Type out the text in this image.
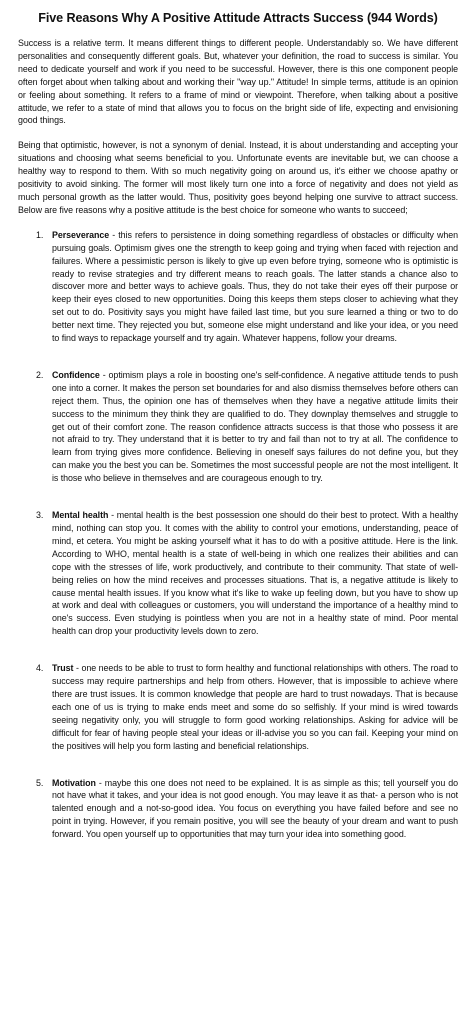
Five Reasons Why A Positive Attitude Attracts Success (944 Words)

Success is a relative term. It means different things to different people. Understandably so. We have different personalities and consequently different goals. But, whatever your definition, the road to success is similar. You need to dedicate yourself and work if you need to be successful. However, there is this one component people often forget about when talking about and working their "way up." Attitude! In simple terms, attitude is an opinion or feeling about something. It refers to a frame of mind or viewpoint. Therefore, when talking about a positive attitude, we refer to a state of mind that allows you to focus on the bright side of life, expecting and envisioning good things.

Being that optimistic, however, is not a synonym of denial. Instead, it is about understanding and accepting your situations and choosing what seems beneficial to you. Unfortunate events are inevitable but, we can choose a healthy way to respond to them. With so much negativity going on around us, it's either we choose apathy or positivity to avoid sinking. The former will most likely turn one into a force of negativity and does not yield as much personal growth as the latter would. Thus, positivity goes beyond helping one survive to attract success. Below are five reasons why a positive attitude is the best choice for someone who wants to succeed;

1. Perseverance - this refers to persistence in doing something regardless of obstacles or difficulty when pursuing goals. Optimism gives one the strength to keep going and trying when faced with rejection and failures. Where a pessimistic person is likely to give up even before trying, someone who is optimistic is ready to revise strategies and try different means to reach goals. The latter stands a chance also to discover more and better ways to achieve goals. Thus, they do not take their eyes off their purpose or keep their eyes closed to new opportunities. Doing this keeps them steps closer to achieving what they set out to do. Positivity says you might have failed last time, but you sure learned a thing or two to do better next time. They rejected you but, someone else might understand and like your idea, or you need to find ways to repackage yourself and try again. Whatever happens, follow your dreams.
2. Confidence - optimism plays a role in boosting one's self-confidence. A negative attitude tends to push one into a corner. It makes the person set boundaries for and also dismiss themselves before others can reject them. Thus, the opinion one has of themselves when they have a negative attitude limits their success to the minimum they think they are qualified to do. They downplay themselves and struggle to get out of their comfort zone. The reason confidence attracts success is that those who possess it are not afraid to try. They understand that it is better to try and fail than not to try at all. The confidence to learn from trying gives more confidence. Believing in oneself says failures do not define you, but they can make you the best you can be. Sometimes the most successful people are not the most intelligent. It is those who believe in themselves and are courageous enough to try.
3. Mental health - mental health is the best possession one should do their best to protect. With a healthy mind, nothing can stop you. It comes with the ability to control your emotions, understanding, peace of mind, et cetera. You might be asking yourself what it has to do with a positive attitude. Here is the link. According to WHO, mental health is a state of well-being in which one realizes their abilities and can cope with the stresses of life, work productively, and contribute to their community. That state of well-being relies on how the mind receives and processes situations. That is, a negative attitude is likely to cause mental health issues. If you know what it's like to wake up feeling down, but you have to show up at work and deal with colleagues or customers, you will understand the importance of a healthy mind to one's success. Even studying is pointless when you are not in a healthy state of mind. Poor mental health can drop your productivity levels down to zero.
4. Trust - one needs to be able to trust to form healthy and functional relationships with others. The road to success may require partnerships and help from others. However, that is impossible to achieve where there are trust issues. It is common knowledge that people are hard to trust nowadays. That is because each one of us is trying to make ends meet and some do so selfishly. If your mind is wired towards seeing negativity only, you will struggle to form good working relationships. Asking for advice will be difficult for fear of having people steal your ideas or ill-advise you so you can fail. Keeping your mind on the positives will help you form lasting and beneficial relationships.
5. Motivation - maybe this one does not need to be explained. It is as simple as this; tell yourself you do not have what it takes, and your idea is not good enough. You may leave it as that- a person who is not talented enough and a not-so-good idea. You focus on everything you have failed before and see no point in trying. However, if you remain positive, you will see the beauty of your dream and want to push forward. You open yourself up to opportunities that may turn your idea into something good.
